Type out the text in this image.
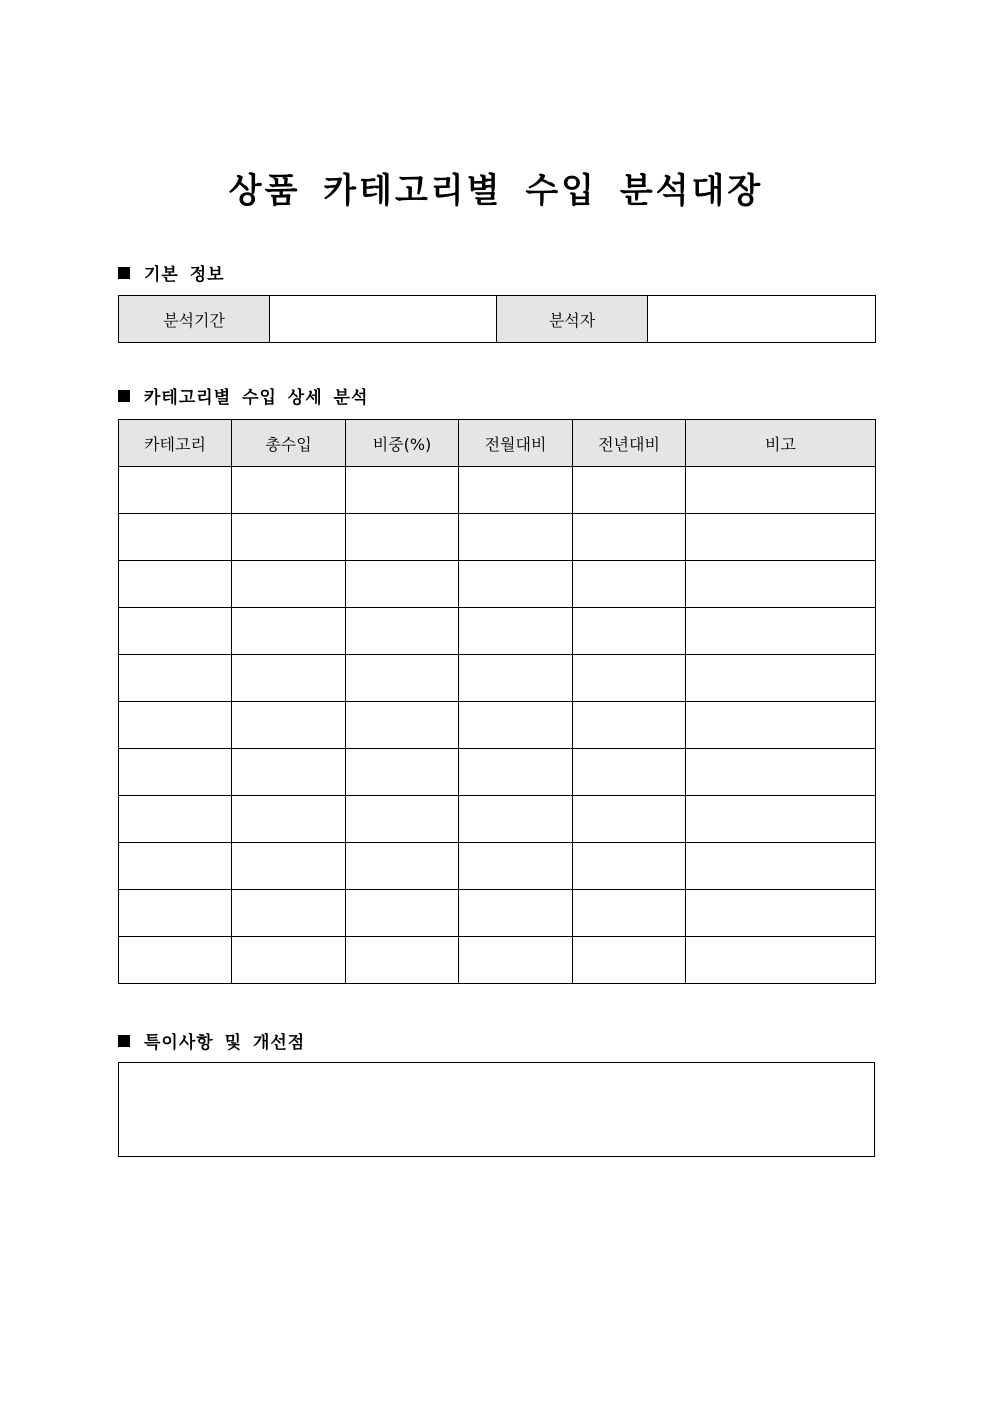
상품 카테고리별 수입 분석대장
기본 정보
분석기간		분석자	
카테고리별 수입 상세 분석
카테고리	총수입	비중(%)	전월대비	전년대비	비고

특이사항 및 개선점
